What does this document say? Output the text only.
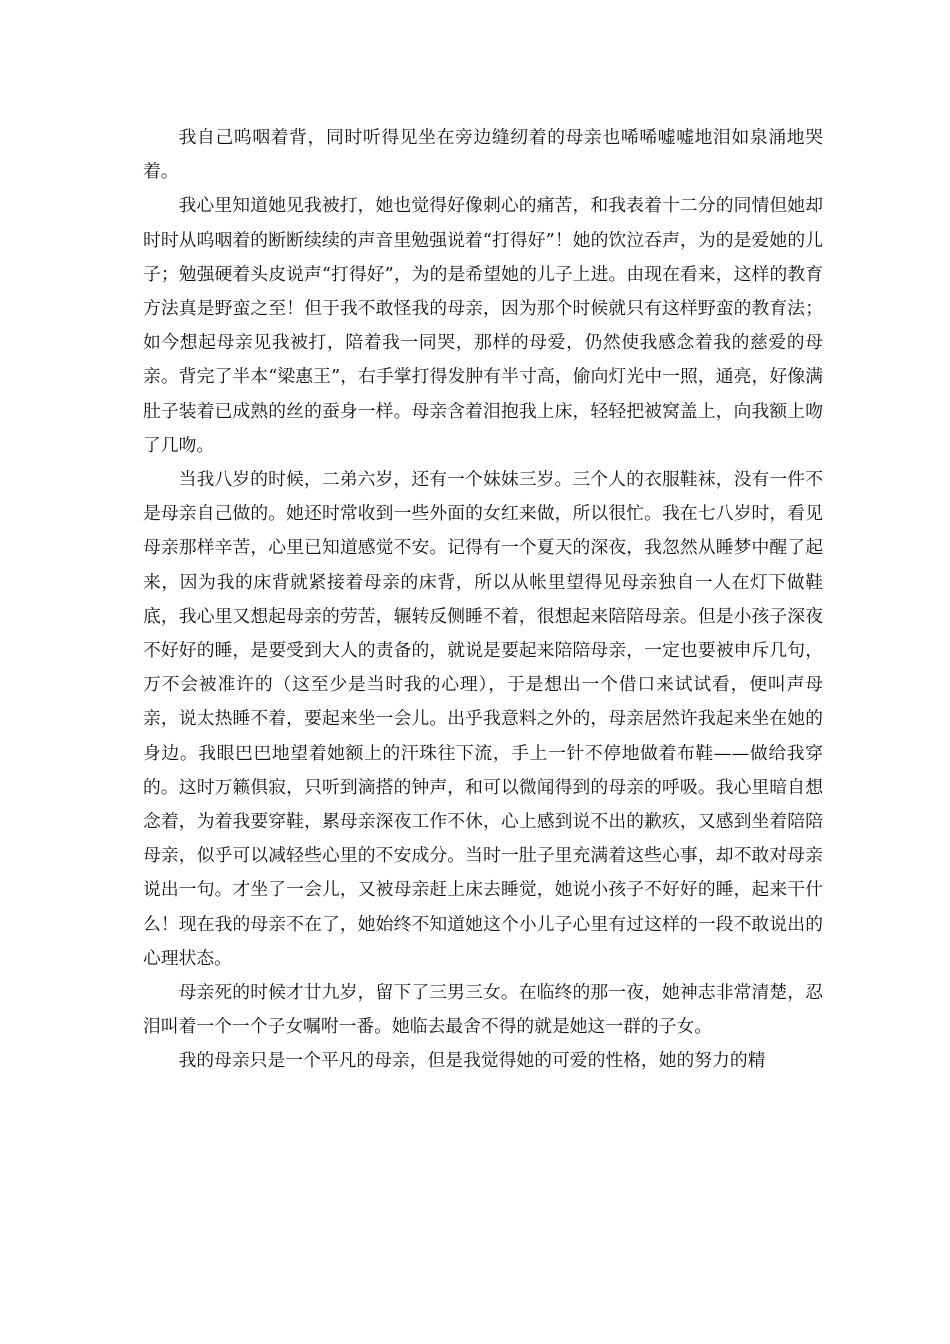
我自己呜咽着背，同时听得见坐在旁边缝纫着的母亲也唏唏嘘嘘地泪如泉涌地哭着。

我心里知道她见我被打，她也觉得好像刺心的痛苦，和我表着十二分的同情但她却时时从呜咽着的断断续续的声音里勉强说着“打得好”！她的饮泣吞声，为的是爱她的儿子；勉强硬着头皮说声“打得好”，为的是希望她的儿子上进。由现在看来，这样的教育方法真是野蛮之至！但于我不敢怪我的母亲，因为那个时候就只有这样野蛮的教育法；如今想起母亲见我被打，陪着我一同哭，那样的母爱，仍然使我感念着我的慈爱的母亲。背完了半本“梁惠王”，右手掌打得发肿有半寸高，偷向灯光中一照，通亮，好像满肚子装着已成熟的丝的蚕身一样。母亲含着泪抱我上床，轻轻把被窝盖上，向我额上吻了几吻。

当我八岁的时候，二弟六岁，还有一个妹妹三岁。三个人的衣服鞋袜，没有一件不是母亲自己做的。她还时常收到一些外面的女红来做，所以很忙。我在七八岁时，看见母亲那样辛苦，心里已知道感觉不安。记得有一个夏天的深夜，我忽然从睡梦中醒了起来，因为我的床背就紧接着母亲的床背，所以从帐里望得见母亲独自一人在灯下做鞋底，我心里又想起母亲的劳苦，辗转反侧睡不着，很想起来陪陪母亲。但是小孩子深夜不好好的睡，是要受到大人的责备的，就说是要起来陪陪母亲，一定也要被申斥几句，万不会被准许的（这至少是当时我的心理），于是想出一个借口来试试看，便叫声母亲，说太热睡不着，要起来坐一会儿。出乎我意料之外的，母亲居然许我起来坐在她的身边。我眼巴巴地望着她额上的汗珠往下流，手上一针不停地做着布鞋——做给我穿的。这时万籁俱寂，只听到滴搭的钟声，和可以微闻得到的母亲的呼吸。我心里暗自想念着，为着我要穿鞋，累母亲深夜工作不休，心上感到说不出的歉疚，又感到坐着陪陪母亲，似乎可以减轻些心里的不安成分。当时一肚子里充满着这些心事，却不敢对母亲说出一句。才坐了一会儿，又被母亲赶上床去睡觉，她说小孩子不好好的睡，起来干什么！现在我的母亲不在了，她始终不知道她这个小儿子心里有过这样的一段不敢说出的心理状态。

母亲死的时候才廿九岁，留下了三男三女。在临终的那一夜，她神志非常清楚，忍泪叫着一个一个子女嘱咐一番。她临去最舍不得的就是她这一群的子女。

我的母亲只是一个平凡的母亲，但是我觉得她的可爱的性格，她的努力的精
